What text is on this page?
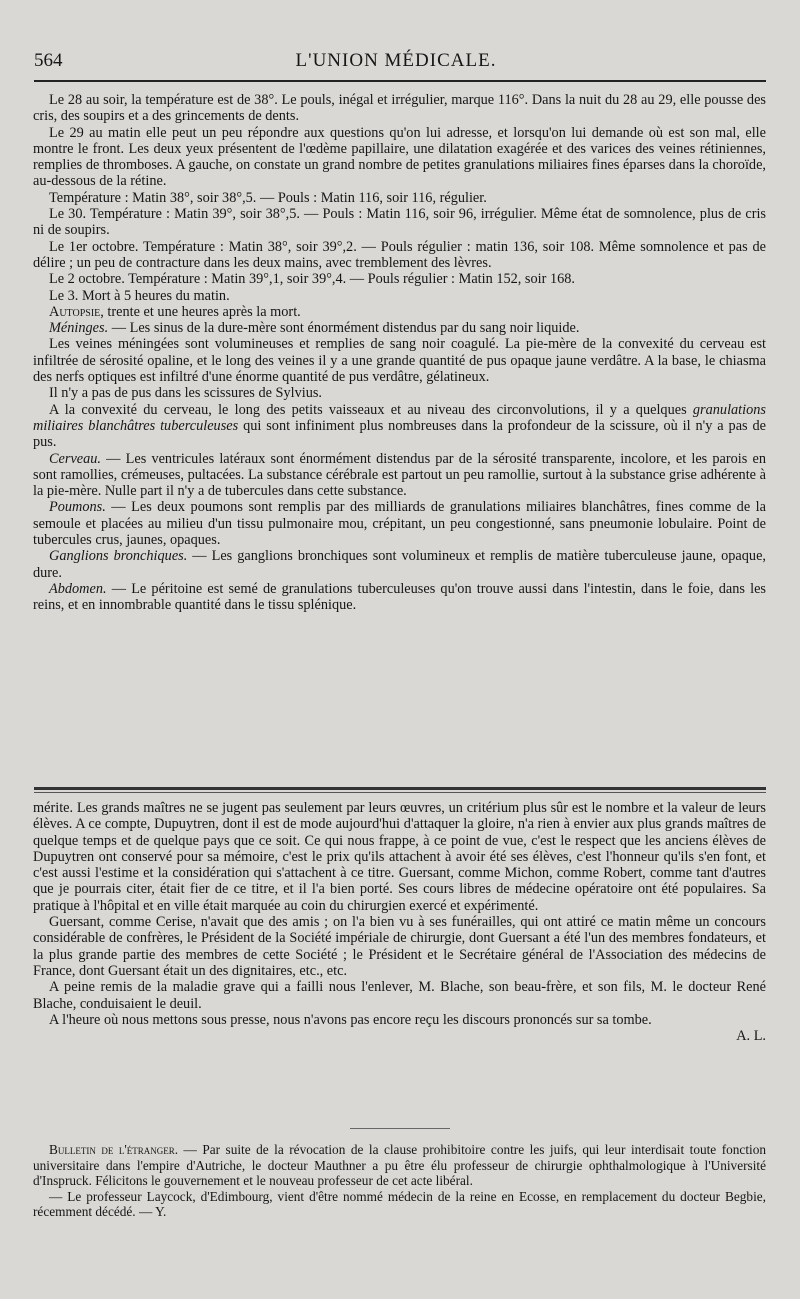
564	L'UNION MÉDICALE.

Le 28 au soir, la température est de 38°. Le pouls, inégal et irrégulier, marque 116°. Dans la nuit du 28 au 29, elle pousse des cris, des soupirs et a des grincements de dents.

Le 29 au matin elle peut un peu répondre aux questions qu'on lui adresse, et lorsqu'on lui demande où est son mal, elle montre le front. Les deux yeux présentent de l'œdème papillaire, une dilatation exagérée et des varices des veines rétiniennes, remplies de thromboses. A gauche, on constate un grand nombre de petites granulations miliaires fines éparses dans la choroïde, au-dessous de la rétine.

Température : Matin 38°, soir 38°,5. — Pouls : Matin 116, soir 116, régulier.

Le 30. Température : Matin 39°, soir 38°,5. — Pouls : Matin 116, soir 96, irrégulier. Même état de somnolence, plus de cris ni de soupirs.

Le 1er octobre. Température : Matin 38°, soir 39°,2. — Pouls régulier : matin 136, soir 108. Même somnolence et pas de délire ; un peu de contracture dans les deux mains, avec tremblement des lèvres.

Le 2 octobre. Température : Matin 39°,1, soir 39°,4. — Pouls régulier : Matin 152, soir 168.

Le 3. Mort à 5 heures du matin.

Autopsie, trente et une heures après la mort.

Méninges. — Les sinus de la dure-mère sont énormément distendus par du sang noir liquide.

Les veines méningées sont volumineuses et remplies de sang noir coagulé. La pie-mère de la convexité du cerveau est infiltrée de sérosité opaline, et le long des veines il y a une grande quantité de pus opaque jaune verdâtre. A la base, le chiasma des nerfs optiques est infiltré d'une énorme quantité de pus verdâtre, gélatineux.

Il n'y a pas de pus dans les scissures de Sylvius.

A la convexité du cerveau, le long des petits vaisseaux et au niveau des circonvolutions, il y a quelques granulations miliaires blanchâtres tuberculeuses qui sont infiniment plus nombreuses dans la profondeur de la scissure, où il n'y a pas de pus.

Cerveau. — Les ventricules latéraux sont énormément distendus par de la sérosité transparente, incolore, et les parois en sont ramollies, crémeuses, pultacées. La substance cérébrale est partout un peu ramollie, surtout à la substance grise adhérente à la pie-mère. Nulle part il n'y a de tubercules dans cette substance.

Poumons. — Les deux poumons sont remplis par des milliards de granulations miliaires blanchâtres, fines comme de la semoule et placées au milieu d'un tissu pulmonaire mou, crépitant, un peu congestionné, sans pneumonie lobulaire. Point de tubercules crus, jaunes, opaques.

Ganglions bronchiques. — Les ganglions bronchiques sont volumineux et remplis de matière tuberculeuse jaune, opaque, dure.

Abdomen. — Le péritoine est semé de granulations tuberculeuses qu'on trouve aussi dans l'intestin, dans le foie, dans les reins, et en innombrable quantité dans le tissu splénique.

mérite. Les grands maîtres ne se jugent pas seulement par leurs œuvres, un critérium plus sûr est le nombre et la valeur de leurs élèves. A ce compte, Dupuytren, dont il est de mode aujourd'hui d'attaquer la gloire, n'a rien à envier aux plus grands maîtres de quelque temps et de quelque pays que ce soit. Ce qui nous frappe, à ce point de vue, c'est le respect que les anciens élèves de Dupuytren ont conservé pour sa mémoire, c'est le prix qu'ils attachent à avoir été ses élèves, c'est l'honneur qu'ils s'en font, et c'est aussi l'estime et la considération qui s'attachent à ce titre. Guersant, comme Michon, comme Robert, comme tant d'autres que je pourrais citer, était fier de ce titre, et il l'a bien porté. Ses cours libres de médecine opératoire ont été populaires. Sa pratique à l'hôpital et en ville était marquée au coin du chirurgien exercé et expérimenté.

Guersant, comme Cerise, n'avait que des amis ; on l'a bien vu à ses funérailles, qui ont attiré ce matin même un concours considérable de confrères, le Président de la Société impériale de chirurgie, dont Guersant a été l'un des membres fondateurs, et la plus grande partie des membres de cette Société ; le Président et le Secrétaire général de l'Association des médecins de France, dont Guersant était un des dignitaires, etc., etc.

A peine remis de la maladie grave qui a failli nous l'enlever, M. Blache, son beau-frère, et son fils, M. le docteur René Blache, conduisaient le deuil.

A l'heure où nous mettons sous presse, nous n'avons pas encore reçu les discours prononcés sur sa tombe.

A. L.

Bulletin de l'étranger. — Par suite de la révocation de la clause prohibitoire contre les juifs, qui leur interdisait toute fonction universitaire dans l'empire d'Autriche, le docteur Mauthner a pu être élu professeur de chirurgie ophthalmologique à l'Université d'Inspruck. Félicitons le gouvernement et le nouveau professeur de cet acte libéral.

— Le professeur Laycock, d'Edimbourg, vient d'être nommé médecin de la reine en Ecosse, en remplacement du docteur Begbie, récemment décédé. — Y.
